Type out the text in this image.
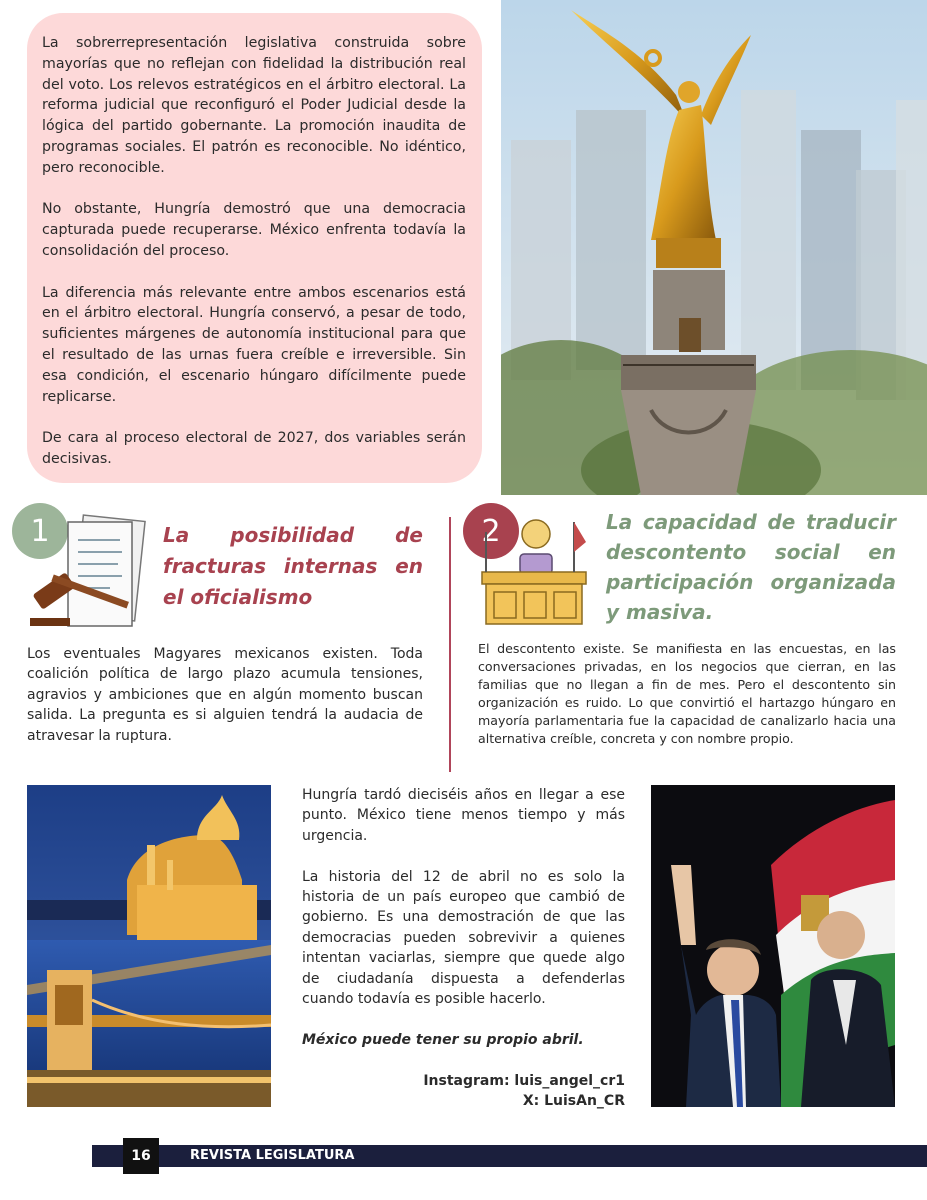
La sobrerrepresentación legislativa construida sobre mayorías que no reflejan con fidelidad la distribución real del voto. Los relevos estratégicos en el árbitro electoral. La reforma judicial que reconfiguró el Poder Judicial desde la lógica del partido gobernante. La promoción inaudita de programas sociales. El patrón es reconocible. No idéntico, pero reconocible.

No obstante, Hungría demostró que una democracia capturada puede recuperarse. México enfrenta todavía la consolidación del proceso.

La diferencia más relevante entre ambos escenarios está en el árbitro electoral. Hungría conservó, a pesar de todo, suficientes márgenes de autonomía institucional para que el resultado de las urnas fuera creíble e irreversible. Sin esa condición, el escenario húngaro difícilmente puede replicarse.

De cara al proceso electoral de 2027, dos variables serán decisivas.

1	La posibilidad de fracturas internas en el oficialismo
Los eventuales Magyares mexicanos existen. Toda coalición política de largo plazo acumula tensiones, agravios y ambiciones que en algún momento buscan salida. La pregunta es si alguien tendrá la audacia de atravesar la ruptura.
2	La capacidad de traducir descontento social en participación organizada y masiva.
El descontento existe. Se manifiesta en las encuestas, en las conversaciones privadas, en los negocios que cierran, en las familias que no llegan a fin de mes. Pero el descontento sin organización es ruido. Lo que convirtió el hartazgo húngaro en mayoría parlamentaria fue la capacidad de canalizarlo hacia una alternativa creíble, concreta y con nombre propio.

Hungría tardó dieciséis años en llegar a ese punto. México tiene menos tiempo y más urgencia.

La historia del 12 de abril no es solo la historia de un país europeo que cambió de gobierno. Es una demostración de que las democracias pueden sobrevivir a quienes intentan vaciarlas, siempre que quede algo de ciudadanía dispuesta a defenderlas cuando todavía es posible hacerlo.

México puede tener su propio abril.

Instagram: luis_angel_cr1
X: LuisAn_CR
16	REVISTA LEGISLATURA
